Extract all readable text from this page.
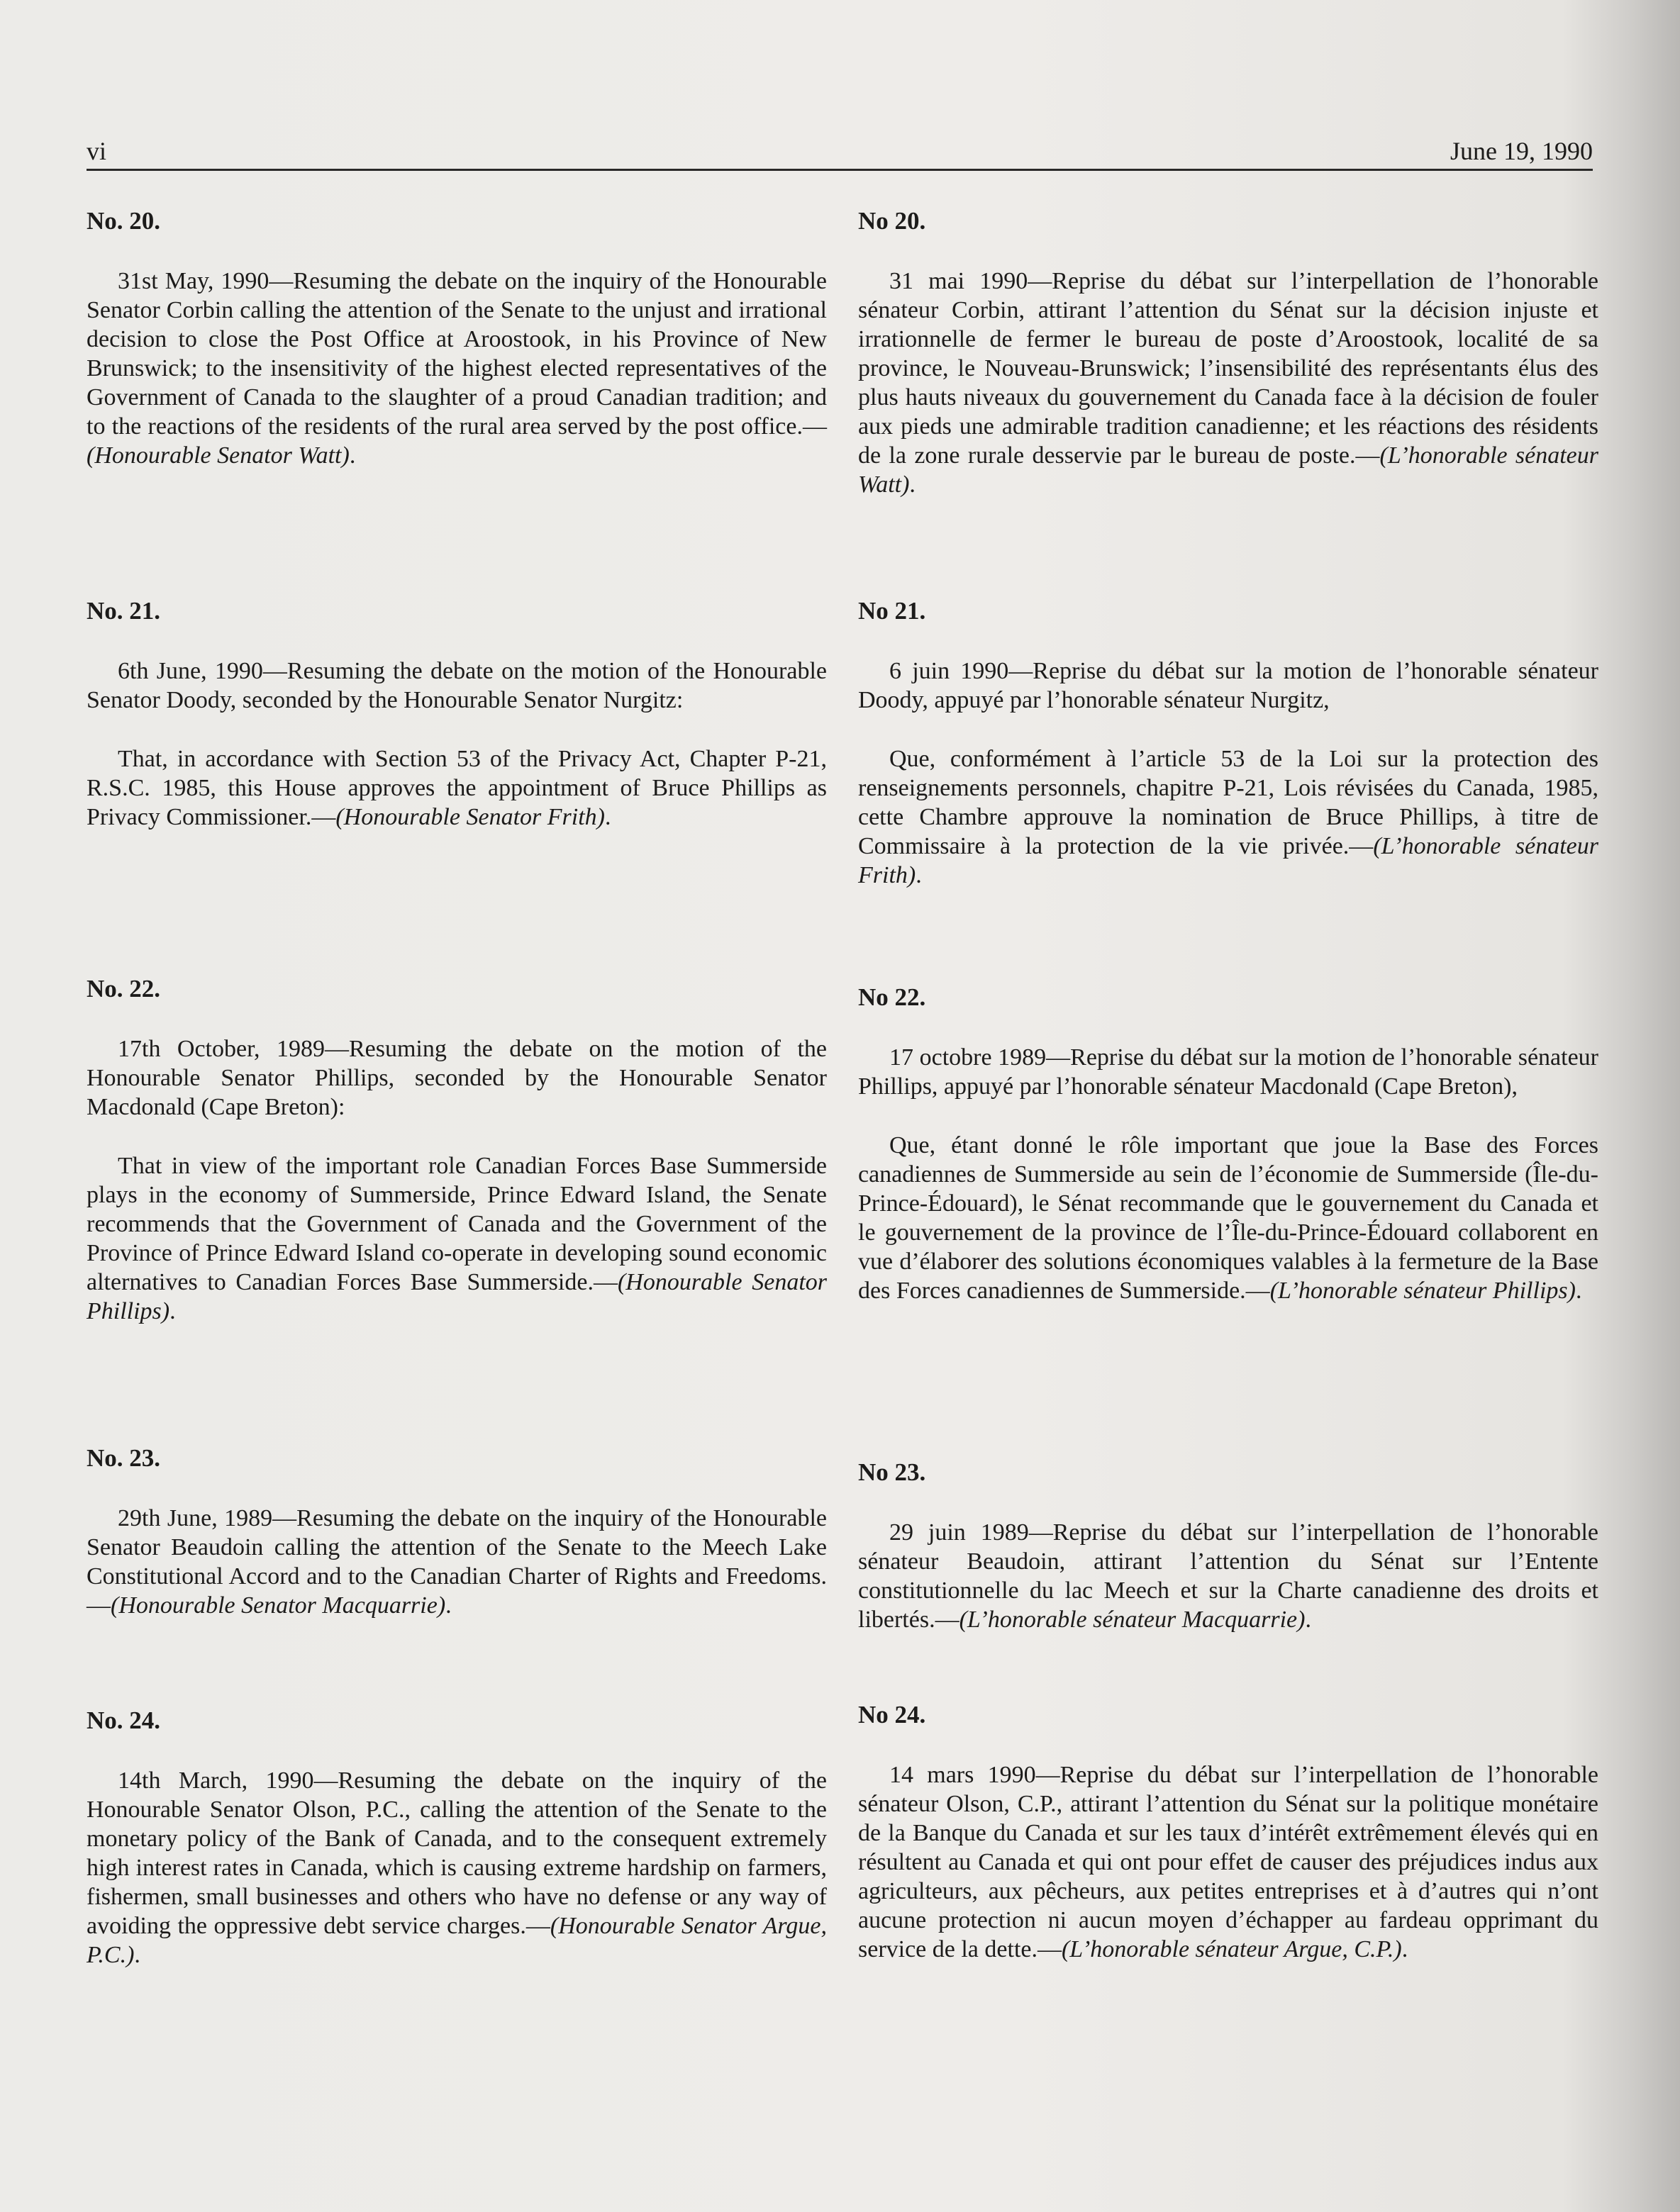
vi	June 19, 1990
No. 20.

31st May, 1990—Resuming the debate on the inquiry of the Honourable Senator Corbin calling the attention of the Senate to the unjust and irrational decision to close the Post Office at Aroostook, in his Province of New Brunswick; to the insensitivity of the highest elected representatives of the Government of Canada to the slaughter of a proud Canadian tradition; and to the reactions of the residents of the rural area served by the post office.—(Honourable Senator Watt).

No. 21.

6th June, 1990—Resuming the debate on the motion of the Honourable Senator Doody, seconded by the Honourable Senator Nurgitz:

That, in accordance with Section 53 of the Privacy Act, Chapter P-21, R.S.C. 1985, this House approves the appointment of Bruce Phillips as Privacy Commissioner.—(Honourable Senator Frith).

No. 22.

17th October, 1989—Resuming the debate on the motion of the Honourable Senator Phillips, seconded by the Honourable Senator Macdonald (Cape Breton):

That in view of the important role Canadian Forces Base Summerside plays in the economy of Summerside, Prince Edward Island, the Senate recommends that the Government of Canada and the Government of the Province of Prince Edward Island co-operate in developing sound economic alternatives to Canadian Forces Base Summerside.—(Honourable Senator Phillips).

No. 23.

29th June, 1989—Resuming the debate on the inquiry of the Honourable Senator Beaudoin calling the attention of the Senate to the Meech Lake Constitutional Accord and to the Canadian Charter of Rights and Freedoms.—(Honourable Senator Macquarrie).

No. 24.

14th March, 1990—Resuming the debate on the inquiry of the Honourable Senator Olson, P.C., calling the attention of the Senate to the monetary policy of the Bank of Canada, and to the consequent extremely high interest rates in Canada, which is causing extreme hardship on farmers, fishermen, small businesses and others who have no defense or any way of avoiding the oppressive debt service charges.—(Honourable Senator Argue, P.C.).

No 20.

31 mai 1990—Reprise du débat sur l’interpellation de l’honorable sénateur Corbin, attirant l’attention du Sénat sur la décision injuste et irrationnelle de fermer le bureau de poste d’Aroostook, localité de sa province, le Nouveau-Brunswick; l’insensibilité des représentants élus des plus hauts niveaux du gouvernement du Canada face à la décision de fouler aux pieds une admirable tradition canadienne; et les réactions des résidents de la zone rurale desservie par le bureau de poste.—(L’honorable sénateur Watt).

No 21.

6 juin 1990—Reprise du débat sur la motion de l’honorable sénateur Doody, appuyé par l’honorable sénateur Nurgitz,

Que, conformément à l’article 53 de la Loi sur la protection des renseignements personnels, chapitre P-21, Lois révisées du Canada, 1985, cette Chambre approuve la nomination de Bruce Phillips, à titre de Commissaire à la protection de la vie privée.—(L’honorable sénateur Frith).

No 22.

17 octobre 1989—Reprise du débat sur la motion de l’honorable sénateur Phillips, appuyé par l’honorable sénateur Macdonald (Cape Breton),

Que, étant donné le rôle important que joue la Base des Forces canadiennes de Summerside au sein de l’économie de Summerside (Île-du-Prince-Édouard), le Sénat recommande que le gouvernement du Canada et le gouvernement de la province de l’Île-du-Prince-Édouard collaborent en vue d’élaborer des solutions économiques valables à la fermeture de la Base des Forces canadiennes de Summerside.—(L’honorable sénateur Phillips).

No 23.

29 juin 1989—Reprise du débat sur l’interpellation de l’honorable sénateur Beaudoin, attirant l’attention du Sénat sur l’Entente constitutionnelle du lac Meech et sur la Charte canadienne des droits et libertés.—(L’honorable sénateur Macquarrie).

No 24.

14 mars 1990—Reprise du débat sur l’interpellation de l’honorable sénateur Olson, C.P., attirant l’attention du Sénat sur la politique monétaire de la Banque du Canada et sur les taux d’intérêt extrêmement élevés qui en résultent au Canada et qui ont pour effet de causer des préjudices indus aux agriculteurs, aux pêcheurs, aux petites entreprises et à d’autres qui n’ont aucune protection ni aucun moyen d’échapper au fardeau opprimant du service de la dette.—(L’honorable sénateur Argue, C.P.).
